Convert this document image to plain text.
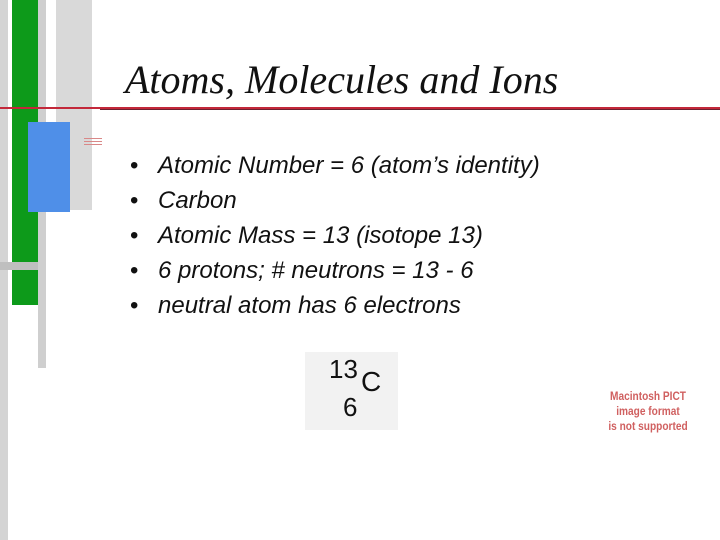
Atoms, Molecules and Ions
• Atomic Number = 6 (atom’s identity)
• Carbon
• Atomic Mass = 13 (isotope 13)
• 6 protons; # neutrons = 13 - 6
• neutral atom has 6 electrons
13 C
6	Macintosh PICT
image format
is not supported
